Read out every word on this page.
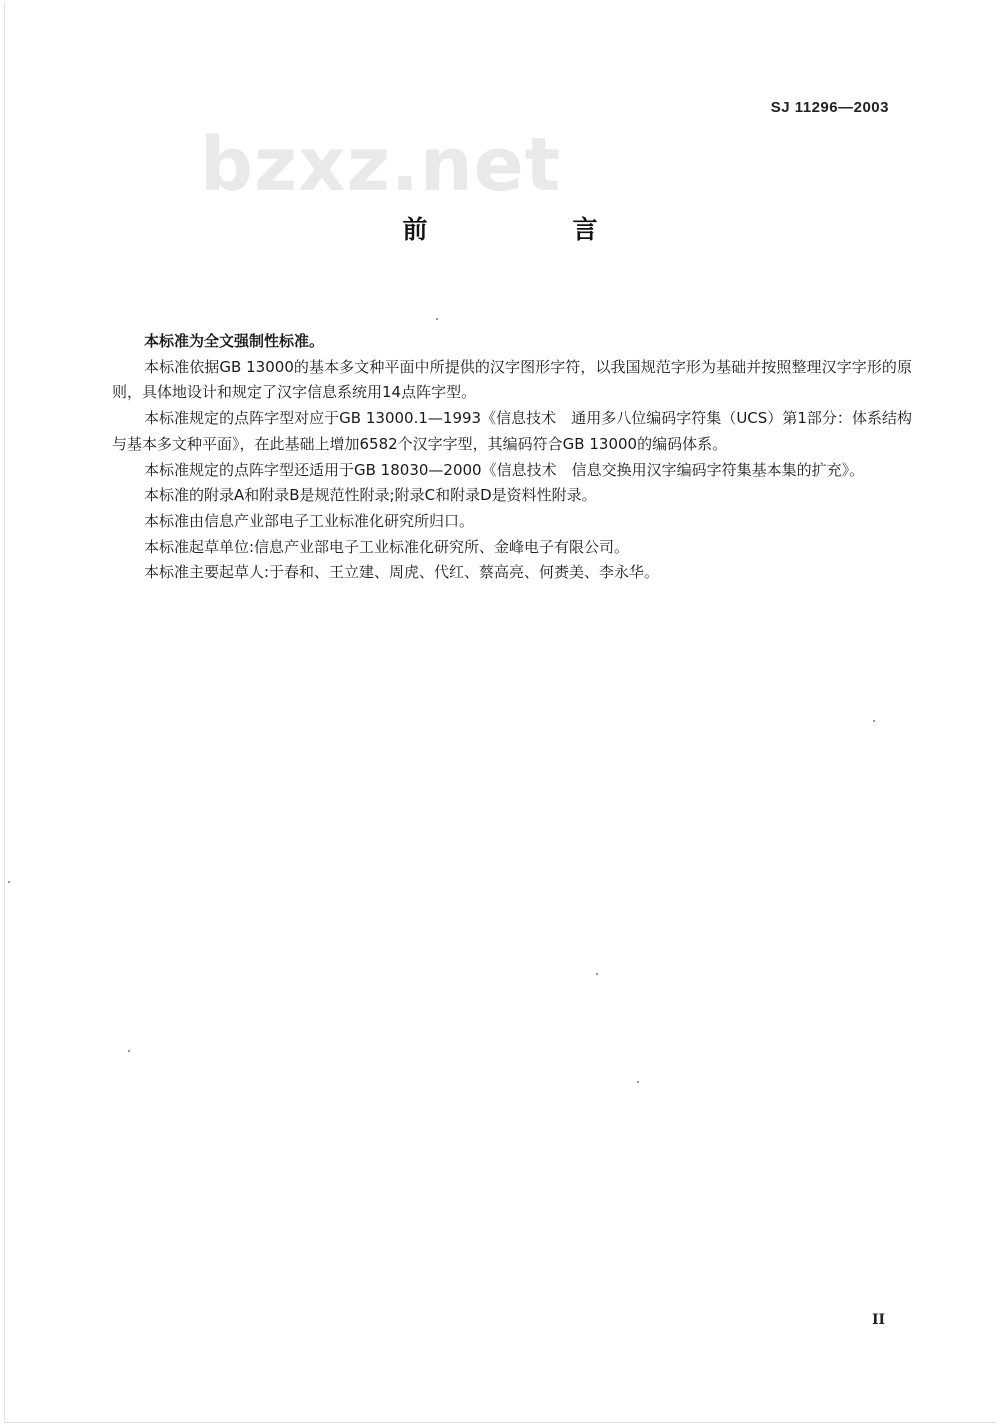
SJ 11296—2003
bzxz.net
前　言

本标准为全文强制性标准。

本标准依据GB 13000的基本多文种平面中所提供的汉字图形字符，以我国规范字形为基础并按照整理汉字字形的原则，具体地设计和规定了汉字信息系统用14点阵字型。

本标准规定的点阵字型对应于GB 13000.1—1993《信息技术　通用多八位编码字符集（UCS）第1部分：体系结构与基本多文种平面》，在此基础上增加6582个汉字字型，其编码符合GB 13000的编码体系。

本标准规定的点阵字型还适用于GB 18030—2000《信息技术　信息交换用汉字编码字符集基本集的扩充》。

本标准的附录A和附录B是规范性附录;附录C和附录D是资料性附录。

本标准由信息产业部电子工业标准化研究所归口。

本标准起草单位:信息产业部电子工业标准化研究所、金峰电子有限公司。

本标准主要起草人:于春和、王立建、周虎、代红、蔡高亮、何赉美、李永华。

II
